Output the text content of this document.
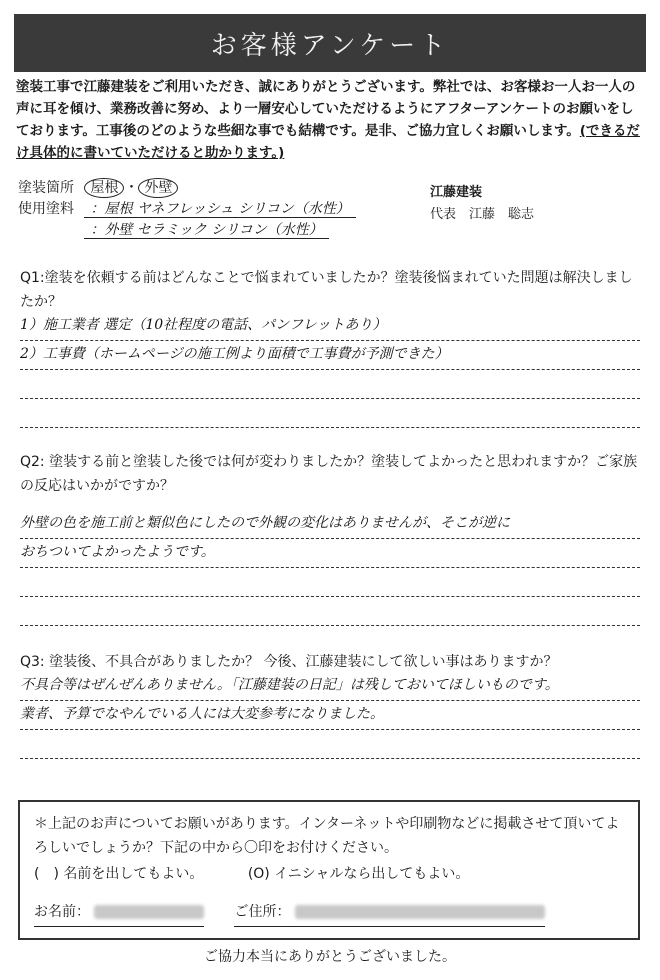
お客様アンケート
塗装工事で江藤建装をご利用いただき、誠にありがとうございます。弊社では、お客様お一人お一人の声に耳を傾け、業務改善に努め、より一層安心していただけるようにアフターアンケートのお願いをしております。工事後のどのような些細な事でも結構です。是非、ご協力宜しくお願いします。(できるだけ具体的に書いていただけると助かります。)
塗装箇所 屋根 ・ 外壁
使用塗料 ：屋根 ヤネフレッシュ シリコン（水性）
：外壁 セラミック シリコン（水性）
江藤建装
代表　江藤　聡志
Q1:塗装を依頼する前はどんなことで悩まれていましたか？塗装後悩まれていた問題は解決しましたか？
1）施工業者 選定（10社程度の電話、パンフレットあり）
2）工事費（ホームページの施工例より面積で工事費が予測できた）
Q2: 塗装する前と塗装した後では何が変わりましたか？塗装してよかったと思われますか？ご家族の反応はいかがですか？
外壁の色を施工前と類似色にしたので外観の変化はありませんが、そこが逆に
おちついてよかったようです。
Q3: 塗装後、不具合がありましたか？ 今後、江藤建装にして欲しい事はありますか？
不具合等はぜんぜんありません。「江藤建装の日記」は残しておいてほしいものです。
業者、予算でなやんでいる人には大変参考になりました。
＊上記のお声についてお願いがあります。インターネットや印刷物などに掲載させて頂いてよろしいでしょうか？下記の中から〇印をお付けください。
(　) 名前を出してもよい。	(O) イニシャルなら出してもよい。
お名前：	ご住所：
ご協力本当にありがとうございました。
